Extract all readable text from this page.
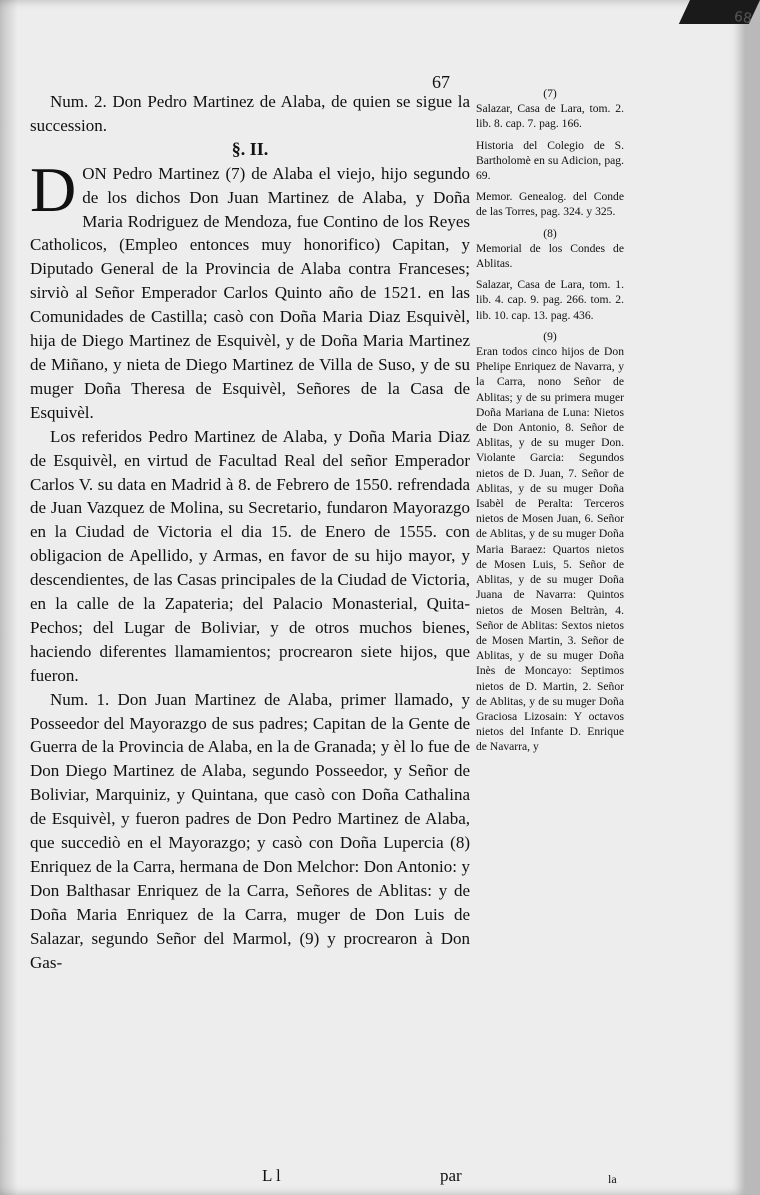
68
67

Num. 2. Don Pedro Martinez de Alaba, de quien se sigue la succession.

§. II.

DON Pedro Martinez (7) de Alaba el viejo, hijo segundo de los dichos Don Juan Martinez de Alaba, y Doña Maria Rodriguez de Mendoza, fue Contino de los Reyes Catholicos, (Empleo entonces muy honorifico) Capitan, y Diputado General de la Provincia de Alaba contra Franceses; sirviò al Señor Emperador Carlos Quinto año de 1521. en las Comunidades de Castilla; casò con Doña Maria Diaz Esquivèl, hija de Diego Martinez de Esquivèl, y de Doña Maria Martinez de Miñano, y nieta de Diego Martinez de Villa de Suso, y de su muger Doña Theresa de Esquivèl, Señores de la Casa de Esquivèl.

Los referidos Pedro Martinez de Alaba, y Doña Maria Diaz de Esquivèl, en virtud de Facultad Real del señor Emperador Carlos V. su data en Madrid à 8. de Febrero de 1550. refrendada de Juan Vazquez de Molina, su Secretario, fundaron Mayorazgo en la Ciudad de Victoria el dia 15. de Enero de 1555. con obligacion de Apellido, y Armas, en favor de su hijo mayor, y descendientes, de las Casas principales de la Ciudad de Victoria, en la calle de la Zapateria; del Palacio Monasterial, Quita-Pechos; del Lugar de Boliviar, y de otros muchos bienes, haciendo diferentes llamamientos; procrearon siete hijos, que fueron.

Num. 1. Don Juan Martinez de Alaba, primer llamado, y Posseedor del Mayorazgo de sus padres; Capitan de la Gente de Guerra de la Provincia de Alaba, en la de Granada; y èl lo fue de Don Diego Martinez de Alaba, segundo Posseedor, y Señor de Boliviar, Marquiniz, y Quintana, que casò con Doña Cathalina de Esquivèl, y fueron padres de Don Pedro Martinez de Alaba, que succediò en el Mayorazgo; y casò con Doña Lupercia (8) Enriquez de la Carra, hermana de Don Melchor: Don Antonio: y Don Balthasar Enriquez de la Carra, Señores de Ablitas: y de Doña Maria Enriquez de la Carra, muger de Don Luis de Salazar, segundo Señor del Marmol, (9) y procrearon à Don Gas-

L l	par

(7)

Salazar, Casa de Lara, tom. 2. lib. 8. cap. 7. pag. 166.

Historia del Colegio de S. Bartholomè en su Adicion, pag. 69.

Memor. Genealog. del Conde de las Torres, pag. 324. y 325.

(8)

Memorial de los Condes de Ablitas.

Salazar, Casa de Lara, tom. 1. lib. 4. cap. 9. pag. 266. tom. 2. lib. 10. cap. 13. pag. 436.

(9)

Eran todos cinco hijos de Don Phelipe Enriquez de Navarra, y la Carra, nono Señor de Ablitas; y de su primera muger Doña Mariana de Luna: Nietos de Don Antonio, 8. Señor de Ablitas, y de su muger Don. Violante Garcia: Segundos nietos de D. Juan, 7. Señor de Ablitas, y de su muger Doña Isabèl de Peralta: Terceros nietos de Mosen Juan, 6. Señor de Ablitas, y de su muger Doña Maria Baraez: Quartos nietos de Mosen Luis, 5. Señor de Ablitas, y de su muger Doña Juana de Navarra: Quintos nietos de Mosen Beltràn, 4. Señor de Ablitas: Sextos nietos de Mosen Martin, 3. Señor de Ablitas, y de su muger Doña Inès de Moncayo: Septimos nietos de D. Martin, 2. Señor de Ablitas, y de su muger Doña Graciosa Lizosain: Y octavos nietos del Infante D. Enrique de Navarra, y

la
